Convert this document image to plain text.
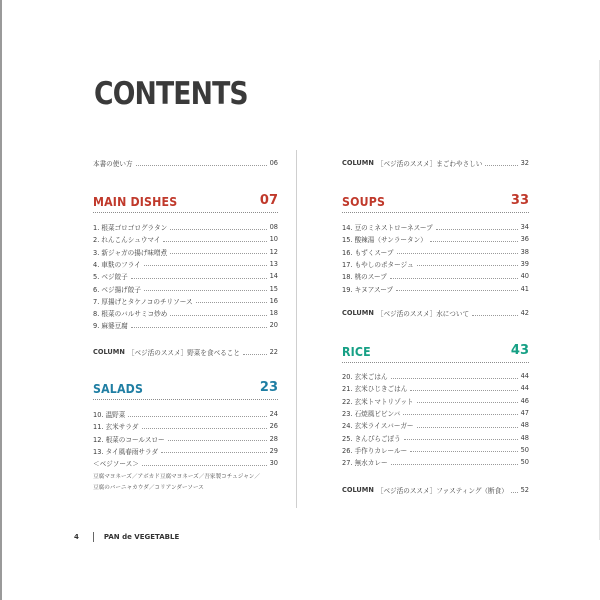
CONTENTS
本書の使い方	06
MAIN DISHES	07
1. 根菜ゴロゴログラタン	08
2. れんこんシュウマイ	10
3. 新ジャガの揚げ味噌煮	12
4. 車麩のフライ	13
5. ベジ餃子	14
6. ベジ揚げ餃子	15
7. 厚揚げとタケノコのチリソース	16
8. 根菜のバルサミコ炒め	18
9. 麻婆豆腐	20
COLUMN ［ベジ活のススメ］野菜を食べること	22
SALADS	23
10. 温野菜	24
11. 玄米サラダ	26
12. 根菜のコールスロー	28
13. タイ風春雨サラダ	29
＜ベジソース＞	30
豆腐マヨネーズ／アボカド豆腐マヨネーズ／吾家製コチュジャン／
豆腐のバーニャカウダ／コリアンダーソース
COLUMN ［ベジ活のススメ］まごわやさしい	32
SOUPS	33
14. 豆のミネストローネスープ	34
15. 酸辣湯（サンラータン）	36
16. もずくスープ	38
17. もやしのポタージュ	39
18. 桃のスープ	40
19. キヌアスープ	41
COLUMN ［ベジ活のススメ］水について	42
RICE	43
20. 玄米ごはん	44
21. 玄米ひじきごはん	44
22. 玄米トマトリゾット	46
23. 石焼風ビビンバ	47
24. 玄米ライスバーガー	48
25. きんぴらごぼう	48
26. 手作りカレールー	50
27. 無水カレー	50
COLUMN ［ベジ活のススメ］ファスティング（断食） 52
4	PAN de VEGETABLE
